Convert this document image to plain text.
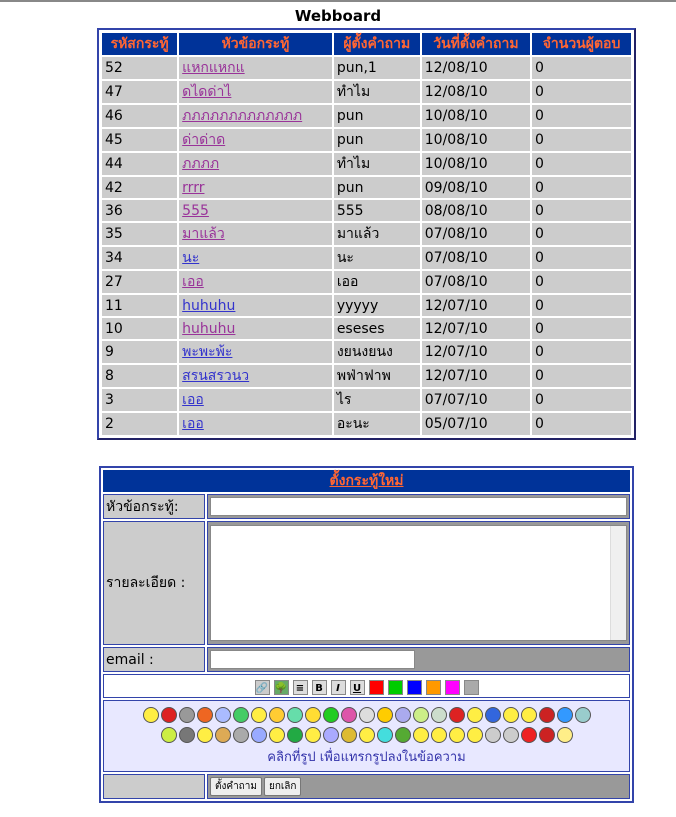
Webboard
รหัสกระทู้	หัวข้อกระทู้	ผู้ตั้งคำถาม	วันที่ตั้งคำถาม	จำนวนผู้ตอบ
52	แหกแหกแ	pun,1	12/08/10	0
47	ดไดด่าไ	ทำไม	12/08/10	0
46	ภภภภภภภภภภภภภ	pun	10/08/10	0
45	ด่าด่าด	pun	10/08/10	0
44	ภภภภ	ทำไม	10/08/10	0
42	rrrr	pun	09/08/10	0
36	555	555	08/08/10	0
35	มาแล้ว	มาแล้ว	07/08/10	0
34	นะ	นะ	07/08/10	0
27	เออ	เออ	07/08/10	0
11	huhuhu	yyyyy	12/07/10	0
10	huhuhu	eseses	12/07/10	0
9	พะพะพ้ะ	งยนงยนง	12/07/10	0
8	สรนสรวนว	พฟ่าฟาพ	12/07/10	0
3	เออ	ไร	07/07/10	0
2	เออ	อะนะ	05/07/10	0
ตั้งกระทู้ใหม่	
หัวข้อกระทู้:	

รายละเอียด :	

email :	

🔗 🌳 ≡ B I U	

คลิกที่รูป เพื่อแทรกรูปลงในข้อความ	

	ตั้งคำถาม ยกเลิก
